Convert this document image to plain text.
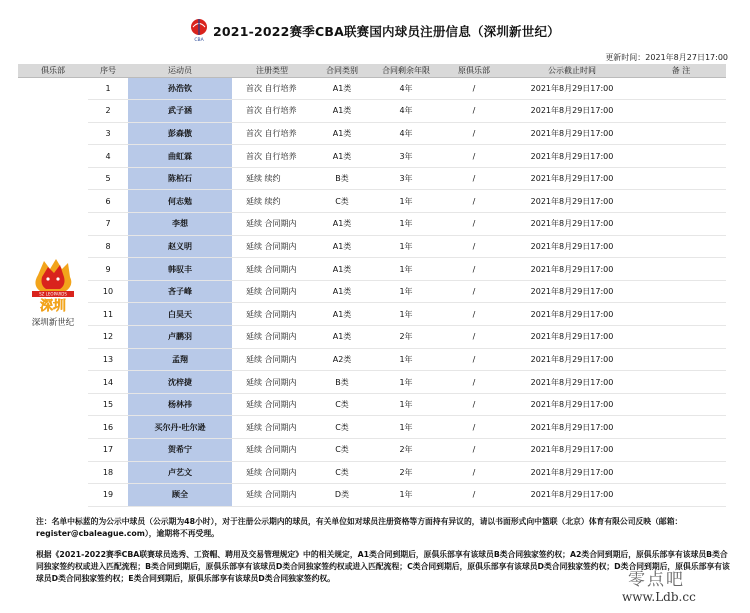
CBA
2021-2022赛季CBA联赛国内球员注册信息（深圳新世纪）
更新时间：2021年8月27日17:00
俱乐部	序号	运动员	注册类型	合同类别	合同剩余年限	原俱乐部	公示截止时间	备 注

SZ LEOPARDS
深圳
深圳新世纪	1	孙浩钦	首次 自行培养	A1类	4年	/	2021年8月29日17:00	
	2	武子涵	首次 自行培养	A1类	4年	/	2021年8月29日17:00	
	3	彭森傲	首次 自行培养	A1类	4年	/	2021年8月29日17:00	
	4	曲虹霖	首次 自行培养	A1类	3年	/	2021年8月29日17:00	
	5	陈柏石	延续 续约	B类	3年	/	2021年8月29日17:00	
	6	何志勉	延续 续约	C类	1年	/	2021年8月29日17:00	
	7	李想	延续 合同期内	A1类	1年	/	2021年8月29日17:00	
	8	赵义明	延续 合同期内	A1类	1年	/	2021年8月29日17:00	
	9	韩驭丰	延续 合同期内	A1类	1年	/	2021年8月29日17:00	
	10	吝子峰	延续 合同期内	A1类	1年	/	2021年8月29日17:00	
	11	白昊天	延续 合同期内	A1类	1年	/	2021年8月29日17:00	
	12	卢鹏羽	延续 合同期内	A1类	2年	/	2021年8月29日17:00	
	13	孟翔	延续 合同期内	A2类	1年	/	2021年8月29日17:00	
	14	沈梓捷	延续 合同期内	B类	1年	/	2021年8月29日17:00	
	15	杨林祎	延续 合同期内	C类	1年	/	2021年8月29日17:00	
	16	买尔丹·吐尔逊	延续 合同期内	C类	1年	/	2021年8月29日17:00	
	17	贺希宁	延续 合同期内	C类	2年	/	2021年8月29日17:00	
	18	卢艺文	延续 合同期内	C类	2年	/	2021年8月29日17:00	
	19	顾全	延续 合同期内	D类	1年	/	2021年8月29日17:00	
注：名单中标蓝的为公示中球员（公示期为48小时），对于注册公示期内的球员，有关单位如对球员注册资格等方面持有异议的，请以书面形式向中篮联（北京）体育有限公司反映（邮箱：register@cbaleague.com），逾期将不再受理。
根据《2021-2022赛季CBA联赛球员选秀、工资帽、聘用及交易管理规定》中的相关规定，A1类合同到期后，原俱乐部享有该球员B类合同独家签约权；A2类合同到期后，原俱乐部享有该球员B类合同独家签约权或进入匹配流程；B类合同到期后，原俱乐部享有该球员D类合同独家签约权或进入匹配流程；C类合同到期后，原俱乐部享有该球员D类合同独家签约权；D类合同到期后，原俱乐部享有该球员D类合同独家签约权；E类合同到期后，原俱乐部享有该球员D类合同独家签约权。	零点吧
www.Ldb.cc
